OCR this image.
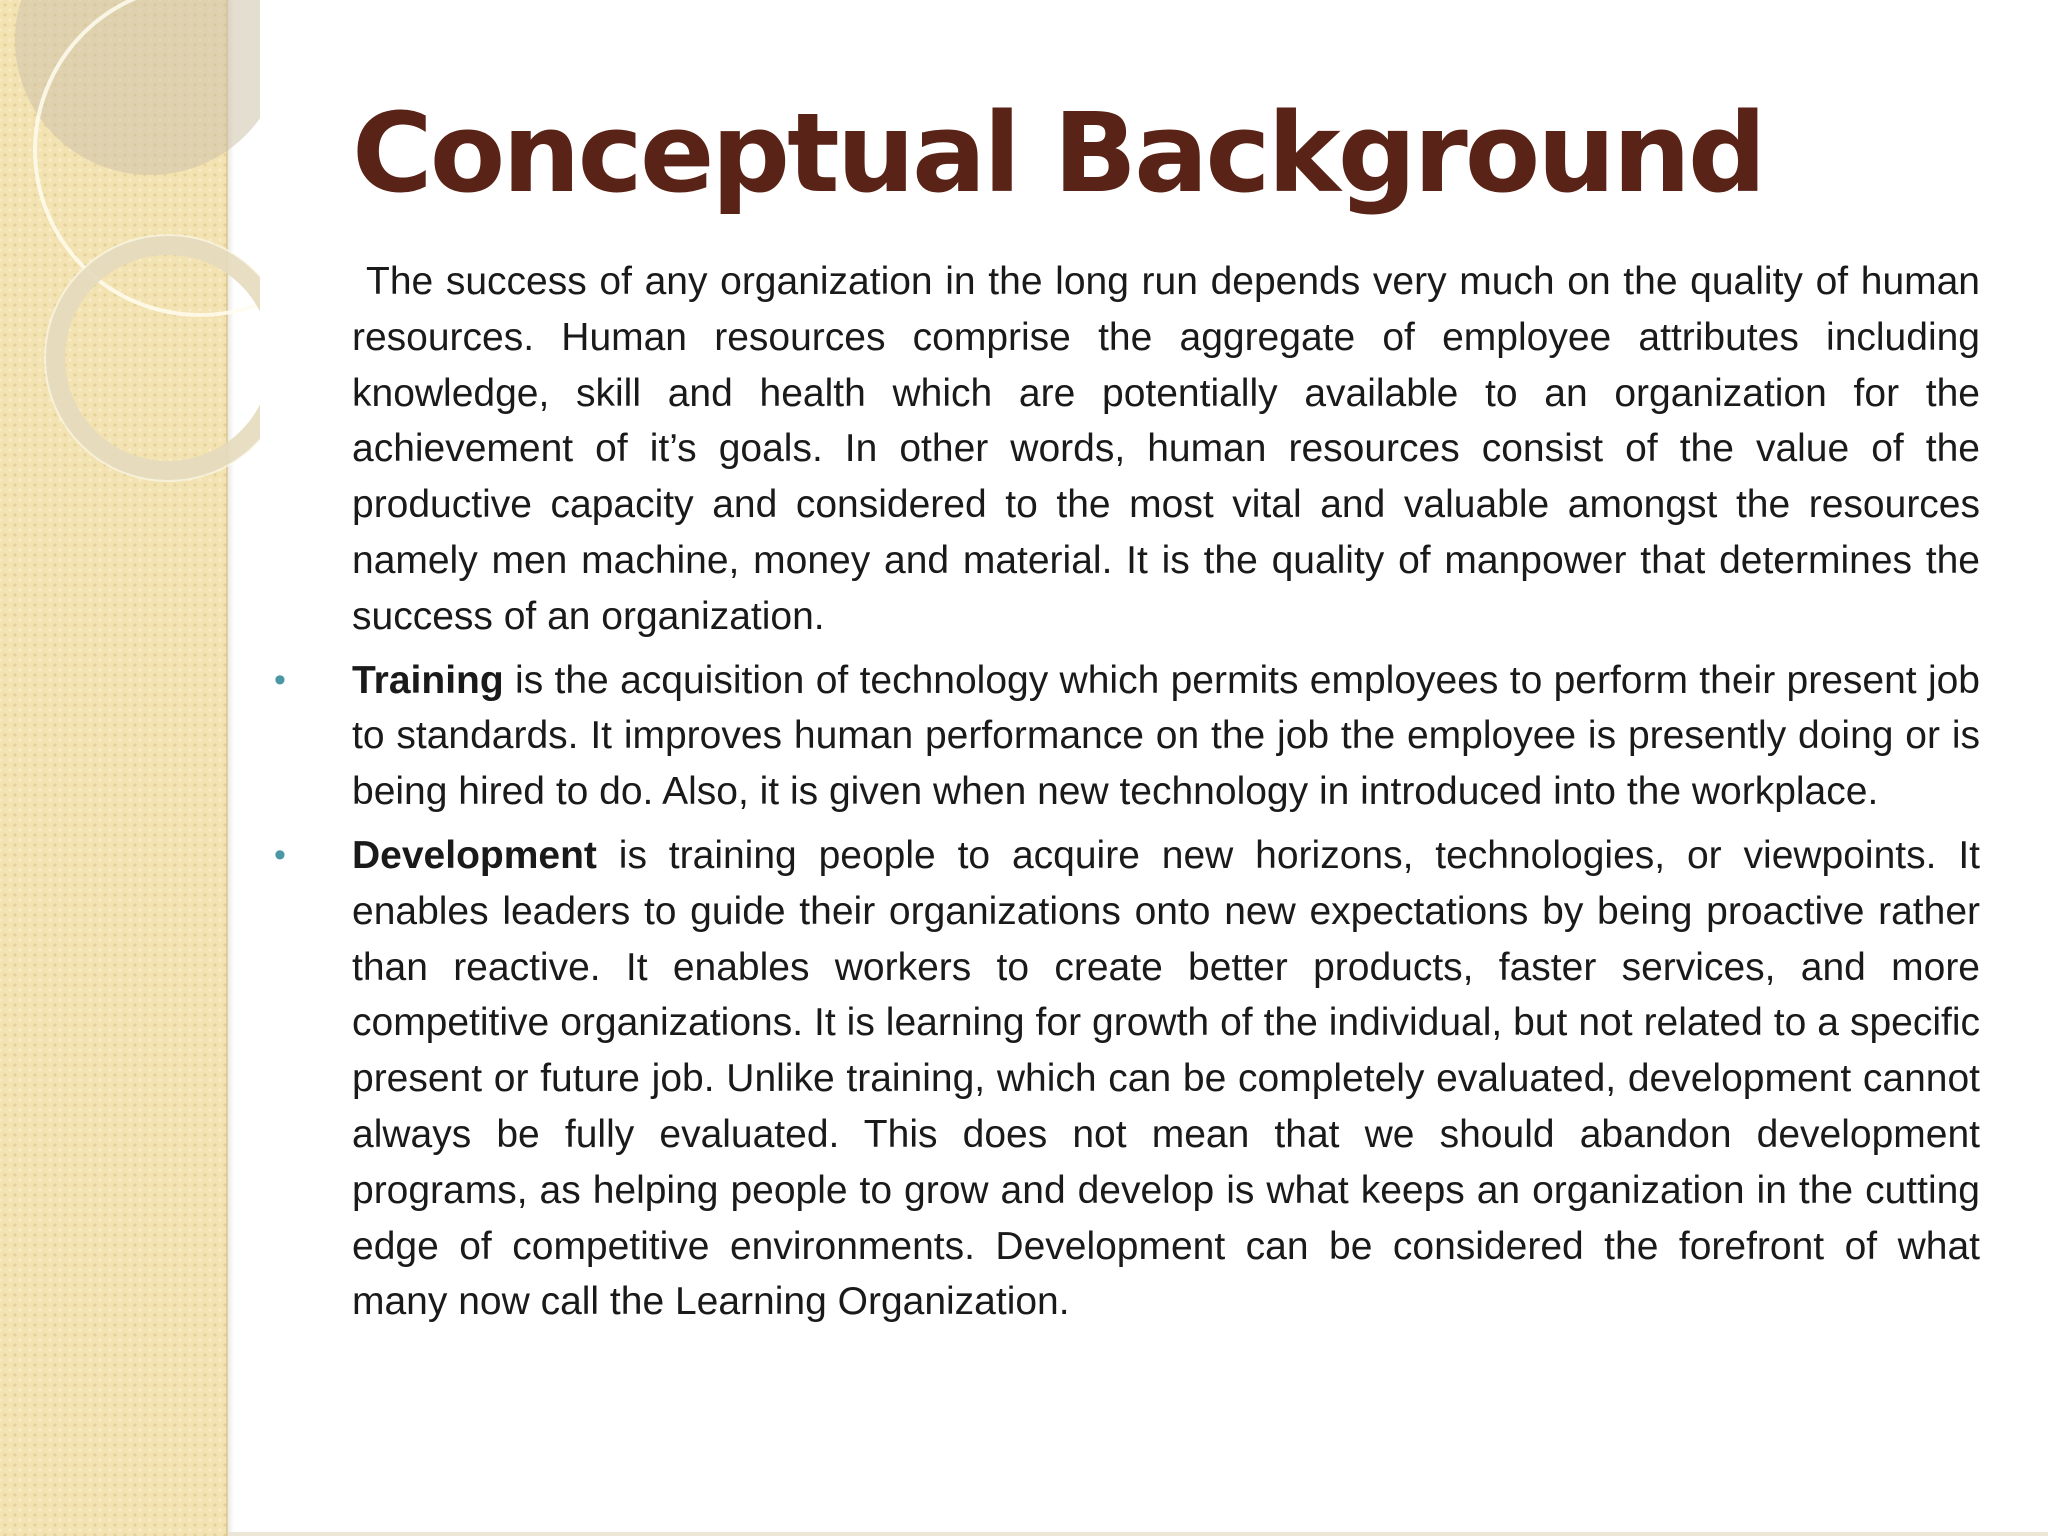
Conceptual Background

The success of any organization in the long run depends very much on the quality of human resources. Human resources comprise the aggregate of employee attributes including knowledge, skill and health which are potentially available to an organization for the achievement of it’s goals. In other words, human resources consist of the value of the productive capacity and considered to the most vital and valuable amongst the resources namely men machine, money and material. It is the quality of manpower that determines the success of an organization.

• Training is the acquisition of technology which permits employees to perform their present job to standards. It improves human performance on the job the employee is presently doing or is being hired to do. Also, it is given when new technology in introduced into the workplace.

• Development is training people to acquire new horizons, technologies, or viewpoints. It enables leaders to guide their organizations onto new expectations by being proactive rather than reactive. It enables workers to create better products, faster services, and more competitive organizations. It is learning for growth of the individual, but not related to a specific present or future job. Unlike training, which can be completely evaluated, development cannot always be fully evaluated. This does not mean that we should abandon development programs, as helping people to grow and develop is what keeps an organization in the cutting edge of competitive environments. Development can be considered the forefront of what many now call the Learning Organization.
